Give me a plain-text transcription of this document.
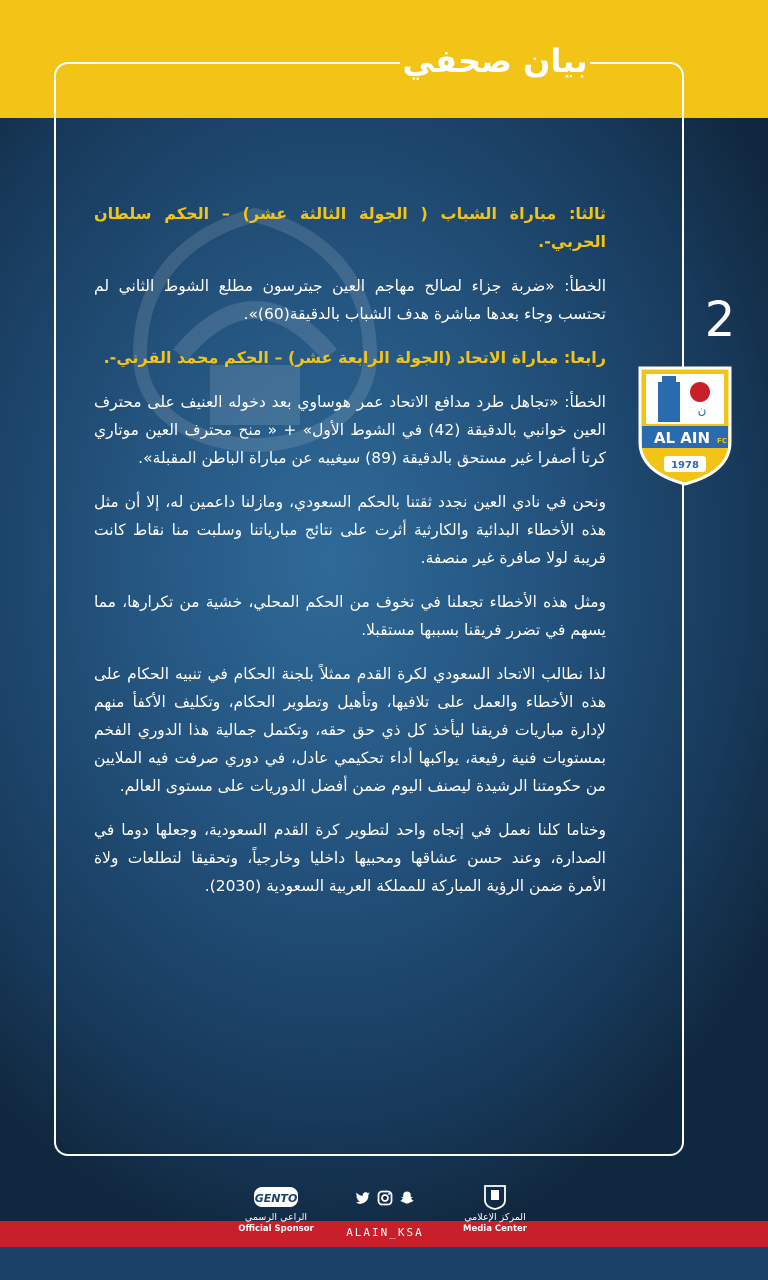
بيان صحفي
2
ن
AL AIN FC
1978

ثالثا: مباراة الشباب ( الجولة الثالثة عشر) – الحكم سلطان الحربي-.

الخطأ: «ضربة جزاء لصالح مهاجم العين جيترسون مطلع الشوط الثاني لم تحتسب وجاء بعدها مباشرة هدف الشباب بالدقيقة(60)».

رابعا: مباراة الاتحاد (الجولة الرابعة عشر) – الحكم محمد القرني-.

الخطأ: «تجاهل طرد مدافع الاتحاد عمر هوساوي بعد دخوله العنيف على محترف العين خوانبي بالدقيقة (42) في الشوط الأول» + « منح محترف العين موتاري كرتا أصفرا غير مستحق بالدقيقة (89) سيغيبه عن مباراة الباطن المقبلة».

ونحن في نادي العين نجدد ثقتنا بالحكم السعودي، ومازلنا داعمين له، إلا أن مثل هذه الأخطاء البدائية والكارثية أثرت على نتائج مبارياتنا وسلبت منا نقاط كانت قريبة لولا صافرة غير منصفة.

ومثل هذه الأخطاء تجعلنا في تخوف من الحكم المحلي، خشية من تكرارها، مما يسهم في تضرر فريقنا بسببها مستقبلا.

لذا نطالب الاتحاد السعودي لكرة القدم ممثلاً بلجنة الحكام في تنبيه الحكام على هذه الأخطاء والعمل على تلافيها، وتأهيل وتطوير الحكام، وتكليف الأكفأ منهم لإدارة مباريات فريقنا ليأخذ كل ذي حق حقه، وتكتمل جمالية هذا الدوري الفخم بمستويات فنية رفيعة، يواكبها أداء تحكيمي عادل، في دوري صرفت فيه الملايين من حكومتنا الرشيدة ليصنف اليوم ضمن أفضل الدوريات على مستوى العالم.

وختاما كلنا نعمل في إتجاه واحد لتطوير كرة القدم السعودية، وجعلها دوما في الصدارة، وعند حسن عشاقها ومحبيها داخليا وخارجياً، وتحقيقا لتطلعات ولاة الأمرة ضمن الرؤية المباركة للمملكة العربية السعودية (2030).

GENTO
الراعي الرسمي
Official Sponsor	ALAIN_KSA
المركز الإعلامي
Media Center
